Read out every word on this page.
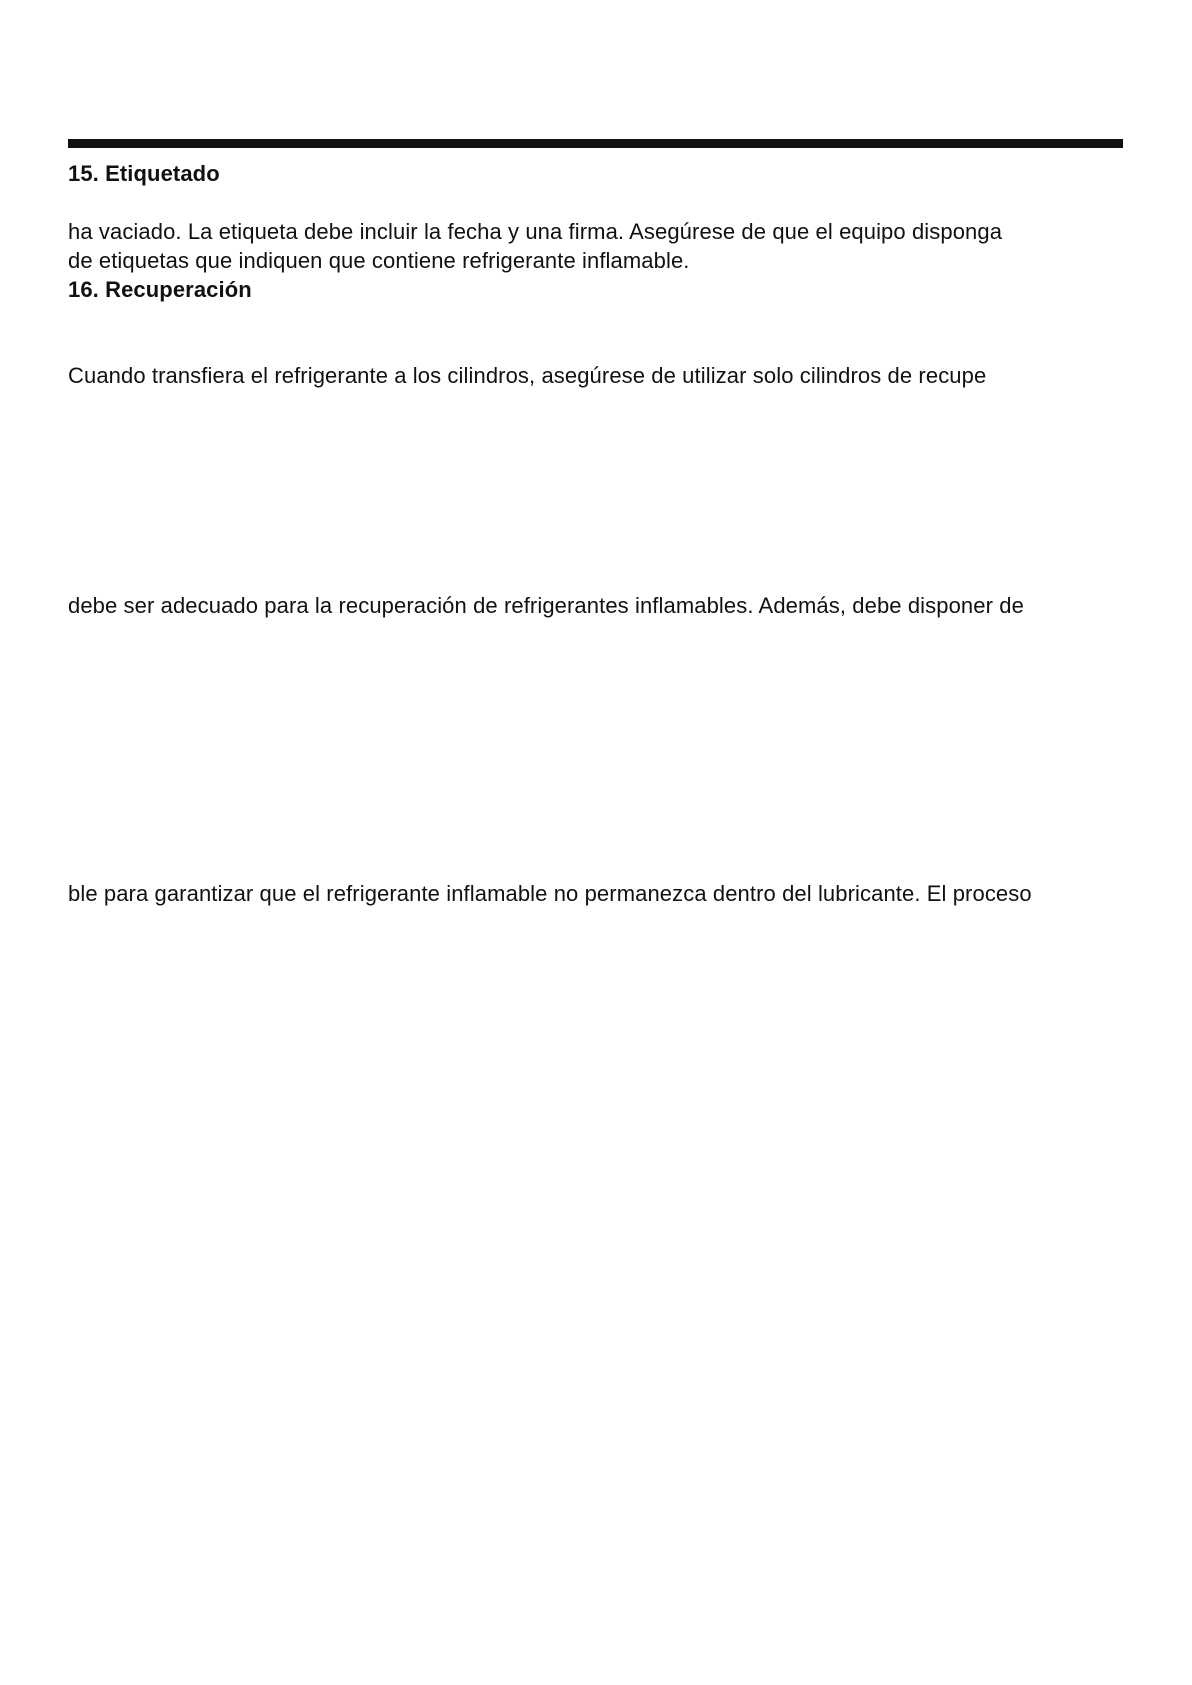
15. Etiquetado
ha vaciado. La etiqueta debe incluir la fecha y una firma. Asegúrese de que el equipo disponga
de etiquetas que indiquen que contiene refrigerante inflamable.
16. Recuperación
Cuando transfiera el refrigerante a los cilindros, asegúrese de utilizar solo cilindros de recupe
debe ser adecuado para la recuperación de refrigerantes inflamables. Además, debe disponer de
ble para garantizar que el refrigerante inflamable no permanezca dentro del lubricante. El proceso
